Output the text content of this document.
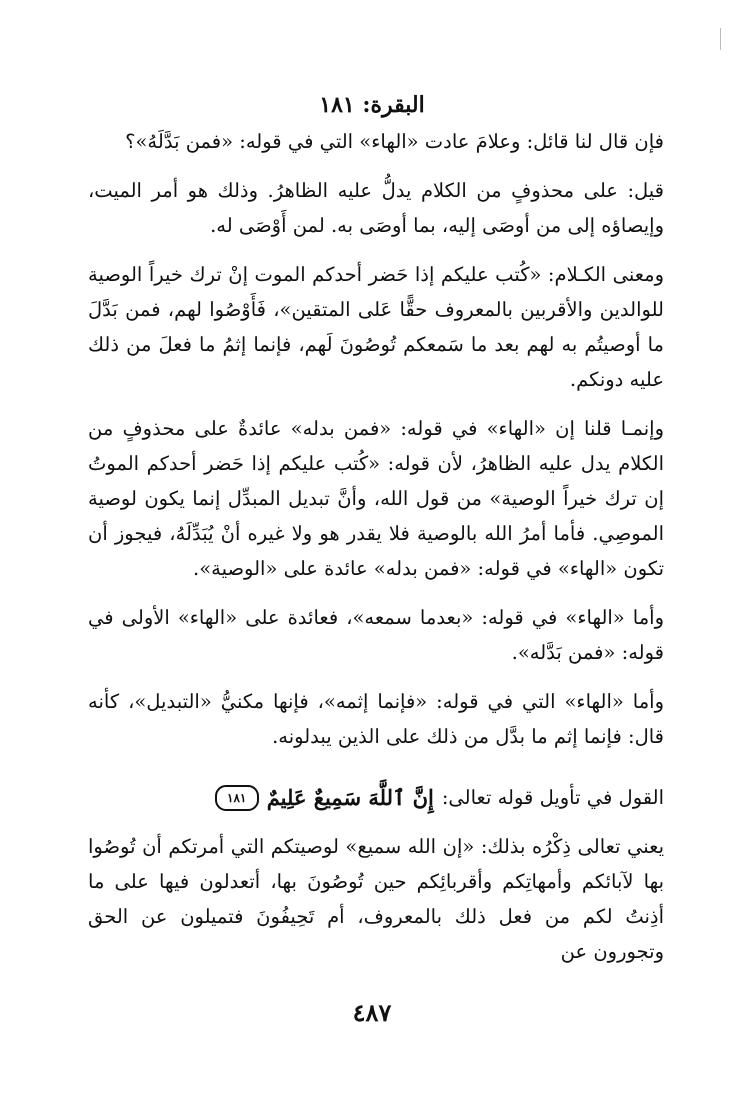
البقرة: ١٨١

فإن قال لنا قائل: وعلامَ عادت «الهاء» التي في قوله: «فمن بَدَّلَهُ»؟

قيل: على محذوفٍ من الكلام يدلُّ عليه الظاهرُ. وذلك هو أمر الميت، وإيصاؤه إلى من أوصَى إليه، بما أوصَى به. لمن أَوْصَى له.

ومعنى الكـلام: «كُتب عليكم إذا حَضر أحدكم الموت إنْ ترك خيراً الوصية للوالدين والأقربين بالمعروف حقًّا عَلى المتقين»، فَأَوْصُوا لهم، فمن بَدَّلَ ما أوصيتُم به لهم بعد ما سَمعكم تُوصُونَ لَهم، فإنما إثمُ ما فعلَ من ذلك عليه دونكم.

وإنمـا قلنا إن «الهاء» في قوله: «فمن بدله» عائدةٌ على محذوفٍ من الكلام يدل عليه الظاهرُ، لأن قوله: «كُتب عليكم إذا حَضر أحدكم الموتُ إن ترك خيراً الوصية» من قول الله، وأنَّ تبديل المبدِّل إنما يكون لوصية الموصِي. فأما أمرُ الله بالوصية فلا يقدر هو ولا غيره أنْ يُبَدِّلَهُ، فيجوز أن تكون «الهاء» في قوله: «فمن بدله» عائدة على «الوصية».

وأما «الهاء» في قوله: «بعدما سمعه»، فعائدة على «الهاء» الأولى في قوله: «فمن بَدَّله».

وأما «الهاء» التي في قوله: «فإنما إثمه»، فإنها مكنيُّ «التبديل»، كأنه قال: فإنما إثم ما بدَّل من ذلك على الذين يبدلونه.

القول في تأويل قوله تعالى:
إِنَّ ٱللَّهَ سَمِيعٌ عَلِيمٌ
١٨١

يعني تعالى ذِكْرُه بذلك: «إن الله سميع» لوصيتكم التي أمرتكم أن تُوصُوا بها لآبائكم وأمهاتِكم وأقربائِكم حين تُوصُونَ بها، أتعدلون فيها على ما أذِنتُ لكم من فعل ذلك بالمعروف، أم تَحِيفُونَ فتميلون عن الحق وتجورون عن

٤٨٧
